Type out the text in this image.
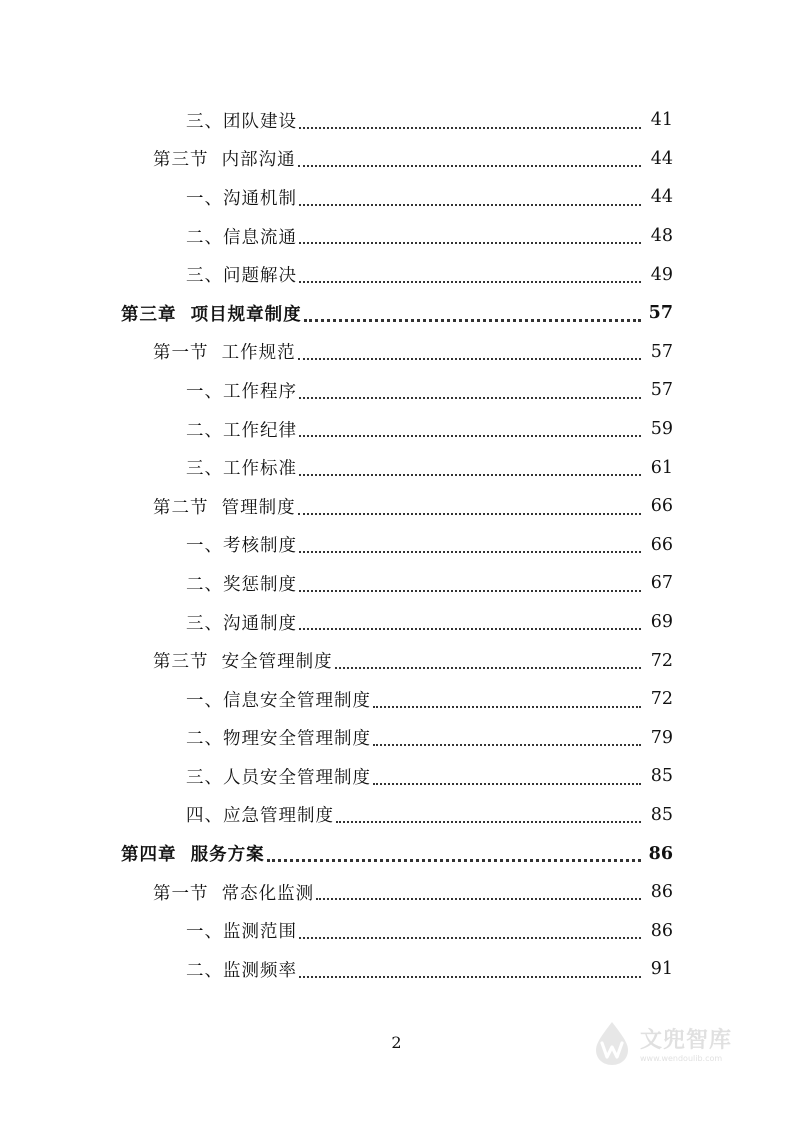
三、团队建设	41
第三节  内部沟通	44
一、沟通机制	44
二、信息流通	48
三、问题解决	49
第三章  项目规章制度	57
第一节  工作规范	57
一、工作程序	57
二、工作纪律	59
三、工作标准	61
第二节  管理制度	66
一、考核制度	66
二、奖惩制度	67
三、沟通制度	69
第三节  安全管理制度	72
一、信息安全管理制度	72
二、物理安全管理制度	79
三、人员安全管理制度	85
四、应急管理制度	85
第四章  服务方案	86
第一节  常态化监测	86
一、监测范围	86
二、监测频率	91
2	文兜智库
www.wendoulib.com
